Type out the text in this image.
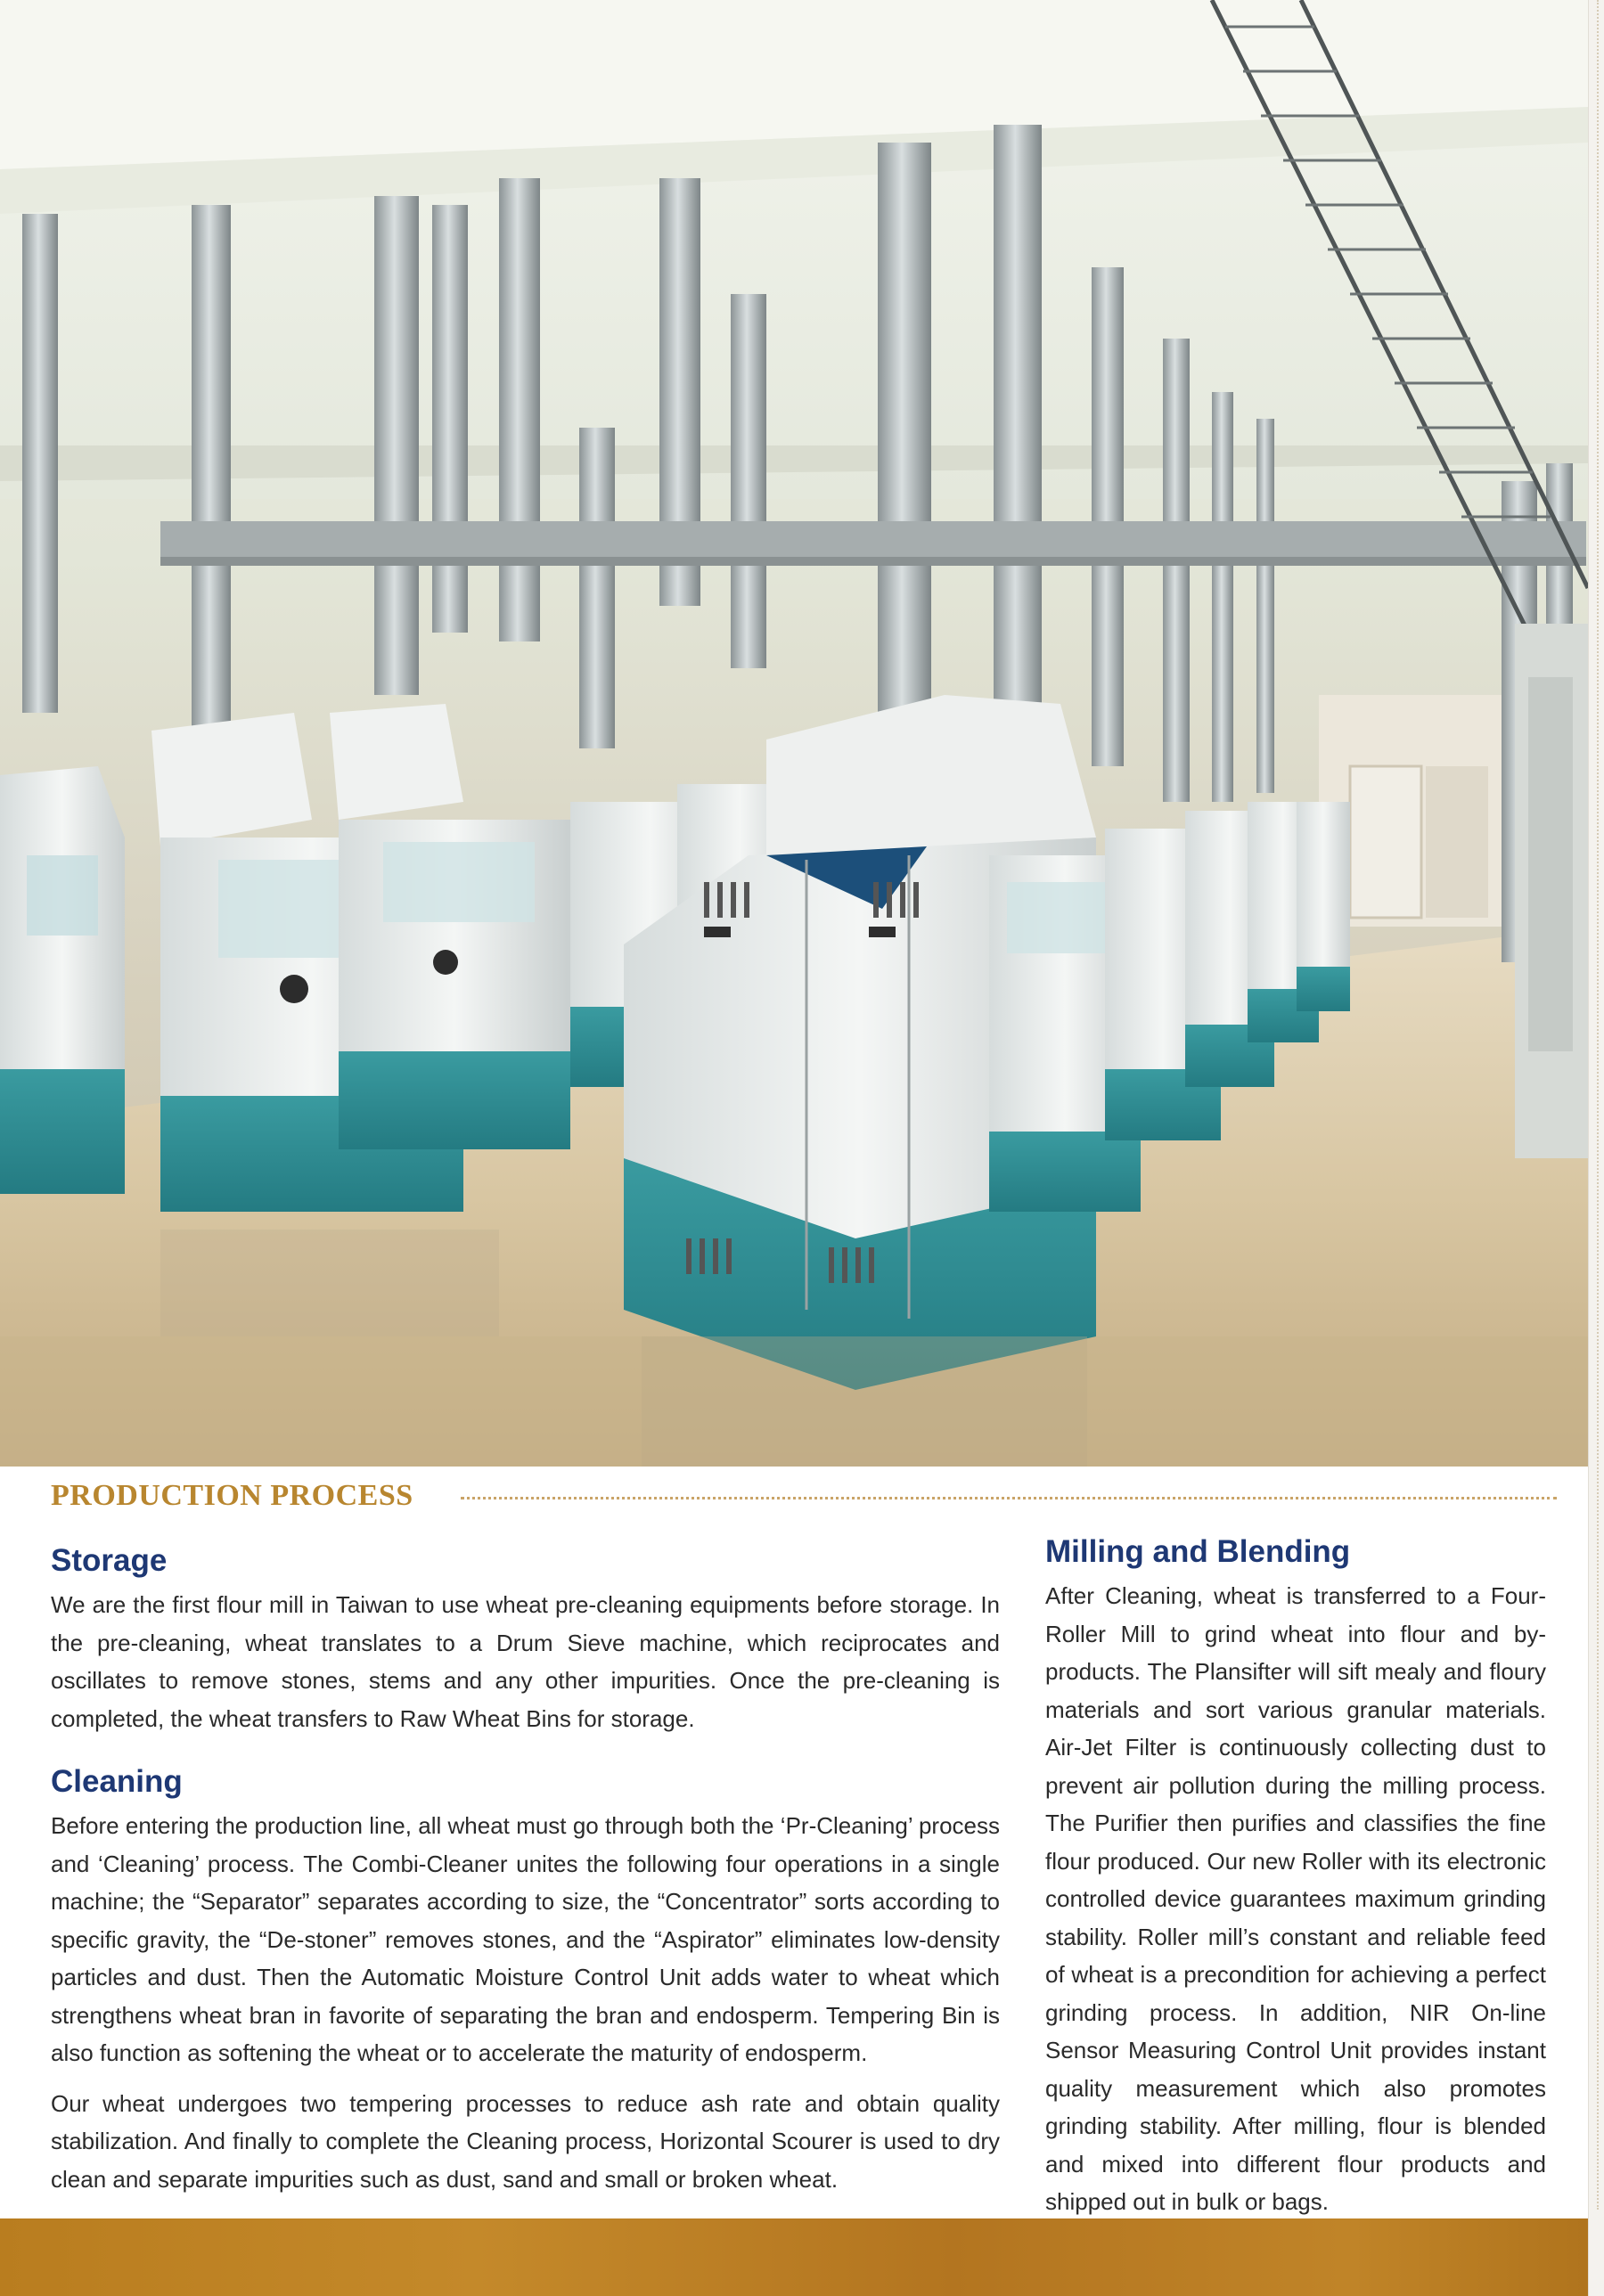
PRODUCTION PROCESS
Storage

We are the first flour mill in Taiwan to use wheat pre-cleaning equipments before storage. In the pre-cleaning, wheat translates to a Drum Sieve machine, which reciprocates and oscillates to remove stones, stems and any other impurities. Once the pre-cleaning is completed, the wheat transfers to Raw Wheat Bins for storage.

Cleaning

Before entering the production line, all wheat must go through both the ‘Pr-Cleaning’ process and ‘Cleaning’ process. The Combi-Cleaner unites the following four operations in a single machine; the “Separator” separates according to size, the “Concentrator” sorts according to specific gravity, the “De-stoner” removes stones, and the “Aspirator” eliminates low-density particles and dust. Then the Automatic Moisture Control Unit adds water to wheat which strengthens wheat bran in favorite of separating the bran and endosperm. Tempering Bin is also function as softening the wheat or to accelerate the maturity of endosperm.

Our wheat undergoes two tempering processes to reduce ash rate and obtain quality stabilization. And finally to complete the Cleaning process, Horizontal Scourer is used to dry clean and separate impurities such as dust, sand and small or broken wheat.

Milling and Blending

After Cleaning, wheat is transferred to a Four-Roller Mill to grind wheat into flour and by-products. The Plansifter will sift mealy and floury materials and sort various granular materials. Air-Jet Filter is continuously collecting dust to prevent air pollution during the milling process. The Purifier then purifies and classifies the fine flour produced. Our new Roller with its electronic controlled device guarantees maximum grinding stability. Roller mill’s constant and reliable feed of wheat is a precondition for achieving a perfect grinding process. In addition, NIR On-line Sensor Measuring Control Unit provides instant quality measurement which also promotes grinding stability. After milling, flour is blended and mixed into different flour products and shipped out in bulk or bags.
